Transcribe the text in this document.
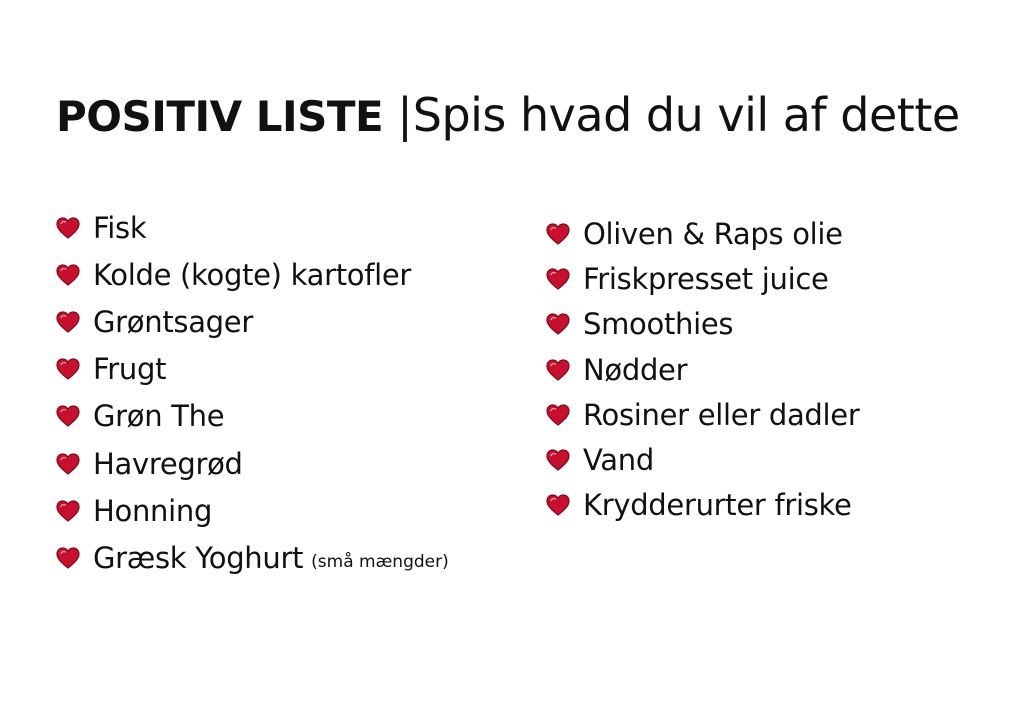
POSITIV LISTE |Spis hvad du vil af dette
Fisk
Kolde (kogte) kartofler
Grøntsager
Frugt
Grøn The
Havregrød
Honning
Græsk Yoghurt (små mængder)
Oliven & Raps olie
Friskpresset juice
Smoothies
Nødder
Rosiner eller dadler
Vand
Krydderurter friske
